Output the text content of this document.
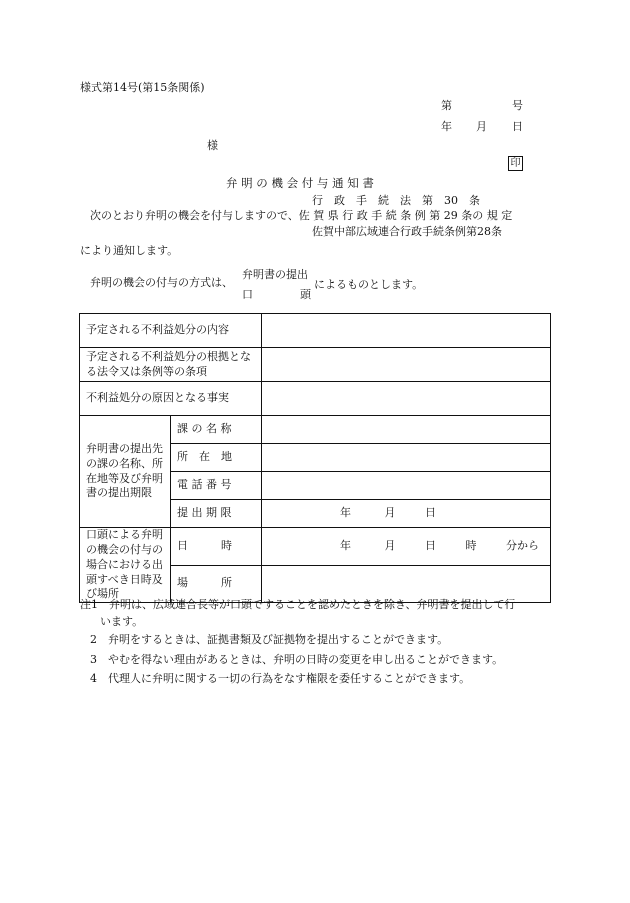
様式第14号(第15条関係)
第	号
年 月 日
様
印
弁 明 の 機 会 付 与 通 知 書
行　政　手　続　法　第　30　条
次のとおり弁明の機会を付与しますので、佐 賀 県 行 政 手 続 条 例 第 29 条の 規 定
佐賀中部広域連合行政手続条例第28条
により通知します。
弁明の機会の付与の方式は、
弁明書の提出
口	頭
によるものとします。
予定される不利益処分の内容		
予定される不利益処分の根拠となる法令又は条例等の条項		
不利益処分の原因となる事実		
弁明書の提出先の課の名称、所在地等及び弁明書の提出期限	課 の 名 称	
	所　在　地	
	電 話 番 号	
	提 出 期 限	年 月 日
口頭による弁明の機会の付与の場合における出頭すべき日時及び場所	日　　　時	年 月 日 時 分から
	場　　　所	
注1　弁明は、広域連合長等が口頭ですることを認めたときを除き、弁明書を提出して行
います。
2　弁明をするときは、証拠書類及び証拠物を提出することができます。
3　やむを得ない理由があるときは、弁明の日時の変更を申し出ることができます。
4　代理人に弁明に関する一切の行為をなす権限を委任することができます。
